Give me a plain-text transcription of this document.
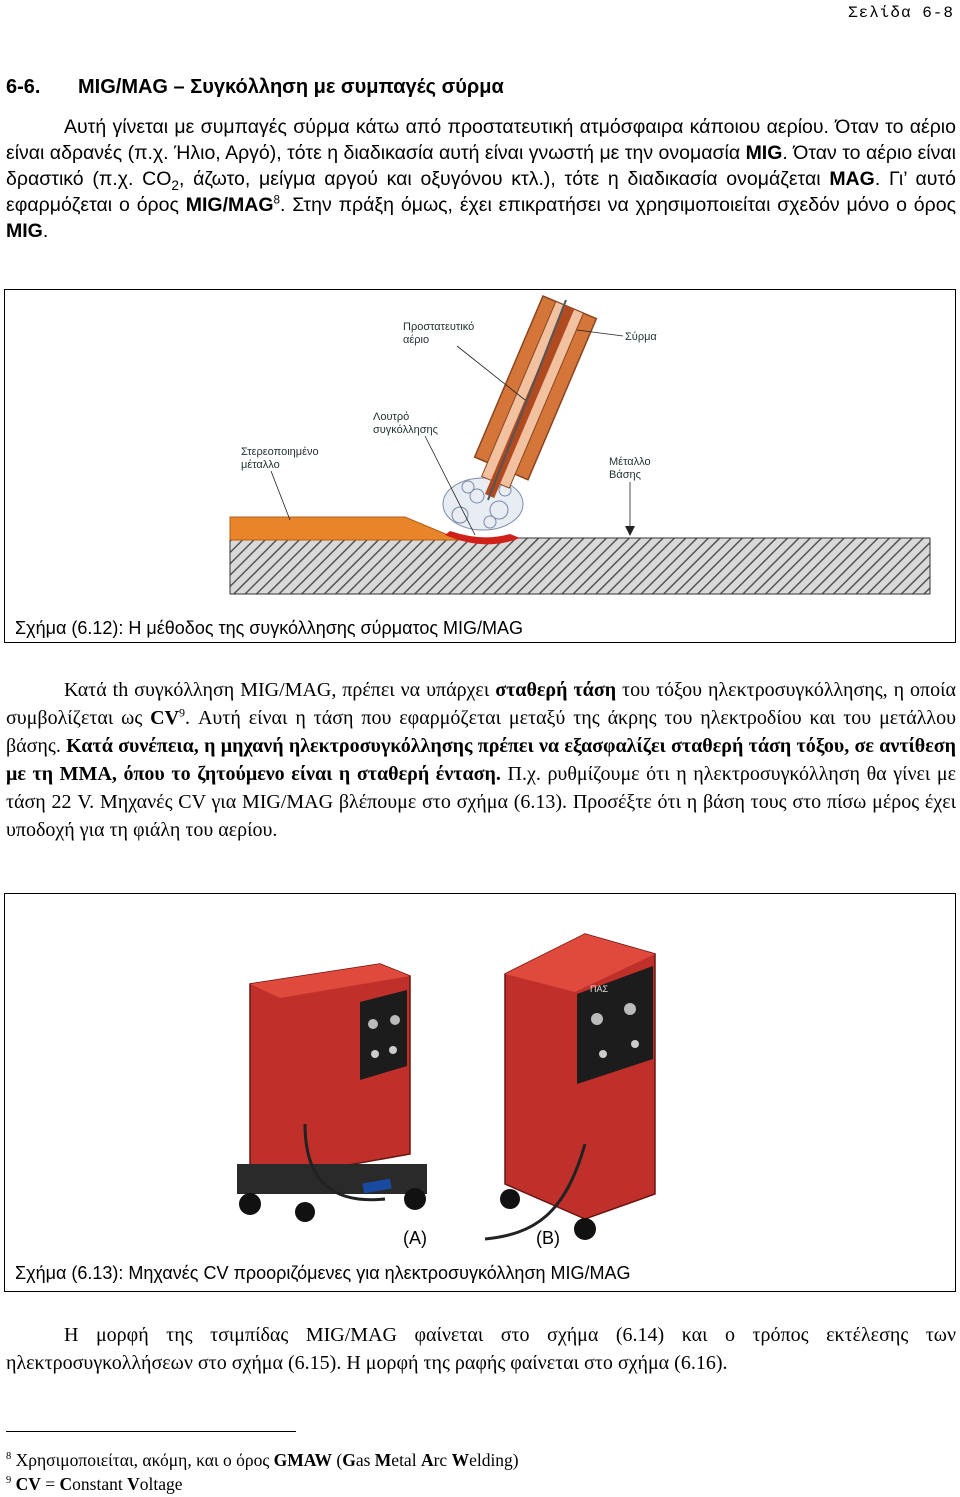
Σελίδα 6-8
6-6. MIG/MAG – Συγκόλληση με συμπαγές σύρμα
Αυτή γίνεται με συμπαγές σύρμα κάτω από προστατευτική ατμόσφαιρα κάποιου αερίου. Όταν το αέριο είναι αδρανές (π.χ. Ήλιο, Αργό), τότε η διαδικασία αυτή είναι γνωστή με την ονομασία MIG. Όταν το αέριο είναι δραστικό (π.χ. $CO_2$, άζωτο, μείγμα αργού και οξυγόνου κτλ.), τότε η διαδικασία ονομάζεται MAG. Γι’ αυτό εφαρμόζεται ο όρος MIG/MAG$^8$. Στην πράξη όμως, έχει επικρατήσει να χρησιμοποιείται σχεδόν μόνο ο όρος MIG.
Προστατευτικό
αέριο	Σύρμα
Λουτρό
συγκόλλησης
Στερεοποιημένο
μέταλλο	Μέταλλο
Βάσης
Σχήμα (6.12): Η μέθοδος της συγκόλλησης σύρματος MIG/MAG
Κατά th συγκόλληση MIG/MAG, πρέπει να υπάρχει σταθερή τάση του τόξου ηλεκτροσυγκόλλησης, η οποία συμβολίζεται ως $CV^9$. Αυτή είναι η τάση που εφαρμόζεται μεταξύ της άκρης του ηλεκτροδίου και του μετάλλου βάσης. Κατά συνέπεια, η μηχανή ηλεκτροσυγκόλλησης πρέπει να εξασφαλίζει σταθερή τάση τόξου, σε αντίθεση με τη MMA, όπου το ζητούμενο είναι η σταθερή ένταση. Π.χ. ρυθμίζουμε ότι η ηλεκτροσυγκόλληση θα γίνει με τάση 22 V. Μηχανές CV για MIG/MAG βλέπουμε στο σχήμα (6.13). Προσέξτε ότι η βάση τους στο πίσω μέρος έχει υποδοχή για τη φιάλη του αερίου.
ΠΑΣ
(A)	(B)
Σχήμα (6.13): Μηχανές CV προοριζόμενες για ηλεκτροσυγκόλληση MIG/MAG
Η μορφή της τσιμπίδας MIG/MAG φαίνεται στο σχήμα (6.14) και ο τρόπος εκτέλεσης των ηλεκτροσυγκολλήσεων στο σχήμα (6.15). Η μορφή της ραφής φαίνεται στο σχήμα (6.16).
$^8$ Χρησιμοποιείται, ακόμη, και ο όρος GMAW (Gas Metal Arc Welding)
$^9$ CV = Constant Voltage
